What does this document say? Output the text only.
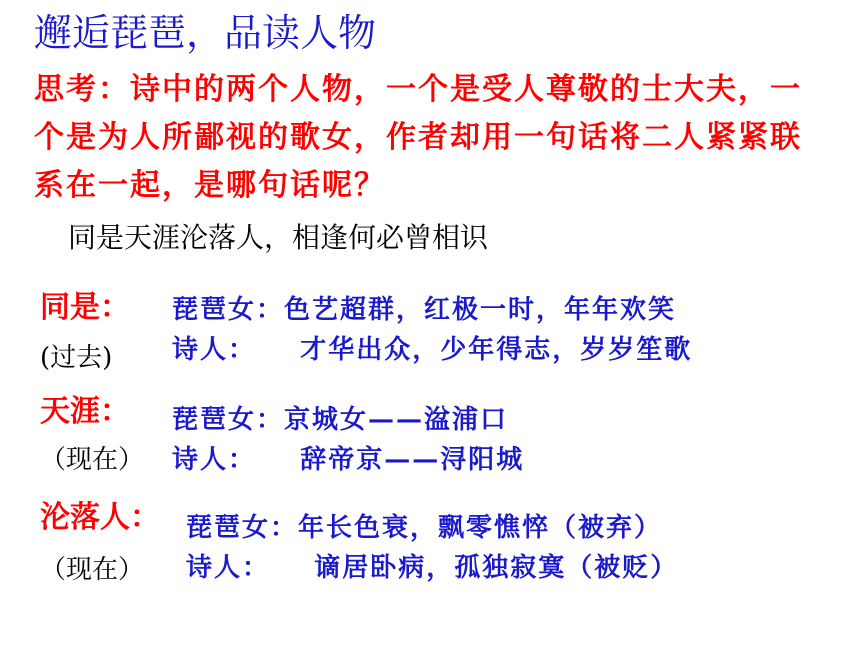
邂逅琵琶，品读人物
思考：诗中的两个人物，一个是受人尊敬的士大夫，一个是为人所鄙视的歌女，作者却用一句话将二人紧紧联系在一起，是哪句话呢？
同是天涯沦落人，相逢何必曾相识
同是：
(过去)
琵琶女：色艺超群，红极一时，年年欢笑
诗人：    才华出众，少年得志，岁岁笙歌
天涯：
（现在）
琵琶女：京城女——湓浦口
诗人：    辞帝京——浔阳城
沦落人：
（现在）
琵琶女：年长色衰，飘零憔悴（被弃）
诗人：    谪居卧病，孤独寂寞（被贬）
